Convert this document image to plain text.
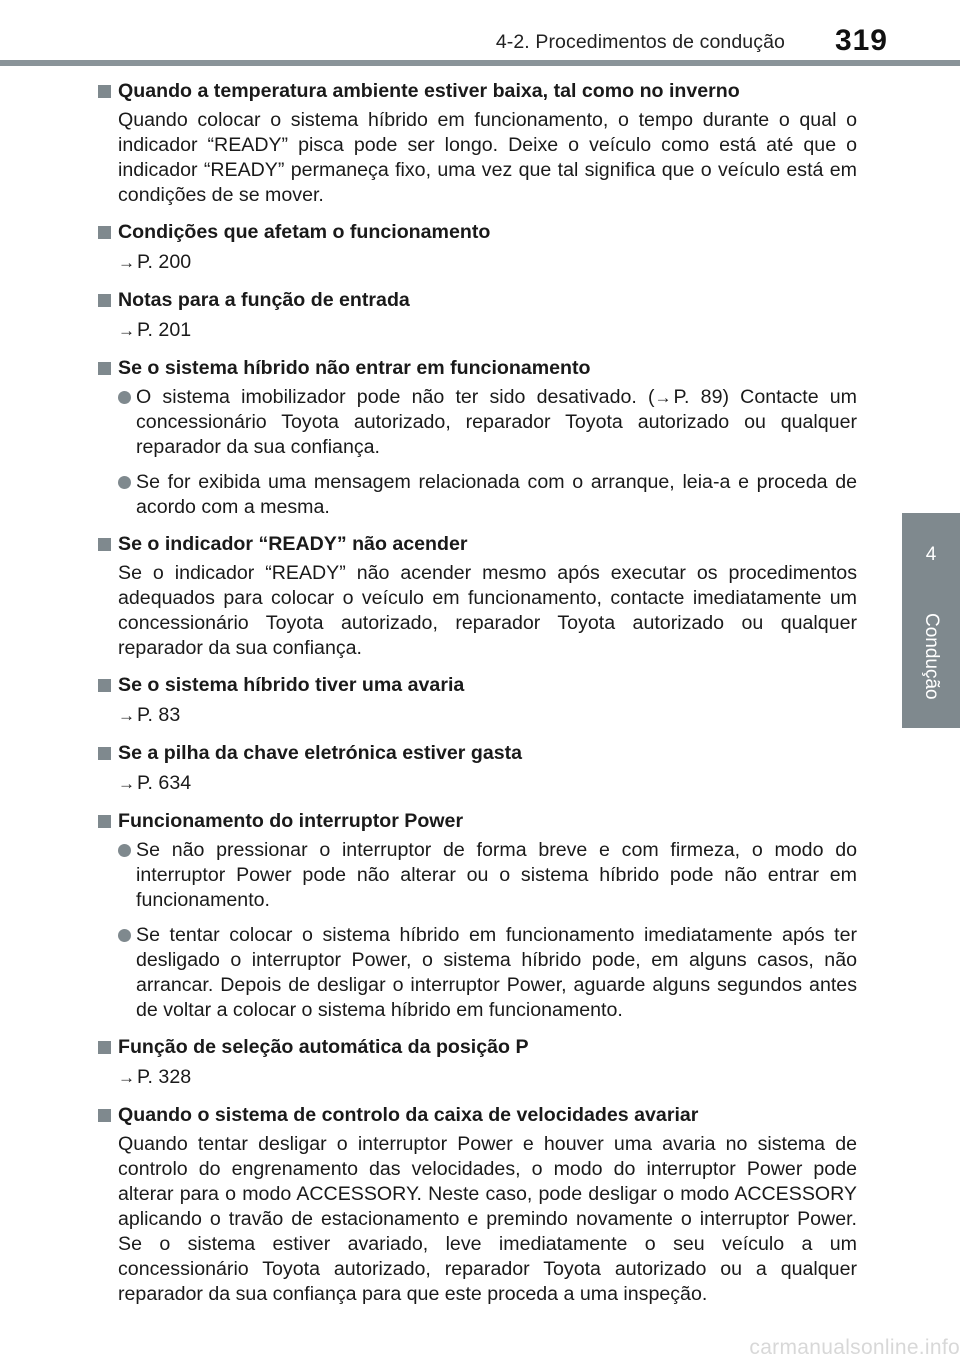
4-2. Procedimentos de condução 319
4
Condução
Quando a temperatura ambiente estiver baixa, tal como no inverno
Quando colocar o sistema híbrido em funcionamento, o tempo durante o qual o indicador “READY” pisca pode ser longo. Deixe o veículo como está até que o indicador “READY” permaneça fixo, uma vez que tal significa que o veículo está em condições de se mover.
Condições que afetam o funcionamento
→ P. 200
Notas para a função de entrada
→ P. 201
Se o sistema híbrido não entrar em funcionamento
O sistema imobilizador pode não ter sido desativado. (→ P. 89) Contacte um concessionário Toyota autorizado, reparador Toyota autorizado ou qualquer reparador da sua confiança.
Se for exibida uma mensagem relacionada com o arranque, leia-a e proceda de acordo com a mesma.
Se o indicador “READY” não acender
Se o indicador “READY” não acender mesmo após executar os procedimentos adequados para colocar o veículo em funcionamento, contacte imediatamente um concessionário Toyota autorizado, reparador Toyota autorizado ou qualquer reparador da sua confiança.
Se o sistema híbrido tiver uma avaria
→ P. 83
Se a pilha da chave eletrónica estiver gasta
→ P. 634
Funcionamento do interruptor Power
Se não pressionar o interruptor de forma breve e com firmeza, o modo do interruptor Power pode não alterar ou o sistema híbrido pode não entrar em funcionamento.
Se tentar colocar o sistema híbrido em funcionamento imediatamente após ter desligado o interruptor Power, o sistema híbrido pode, em alguns casos, não arrancar. Depois de desligar o interruptor Power, aguarde alguns segundos antes de voltar a colocar o sistema híbrido em funcionamento.
Função de seleção automática da posição P
→ P. 328
Quando o sistema de controlo da caixa de velocidades avariar
Quando tentar desligar o interruptor Power e houver uma avaria no sistema de controlo do engrenamento das velocidades, o modo do interruptor Power pode alterar para o modo ACCESSORY. Neste caso, pode desligar o modo ACCESSORY aplicando o travão de estacionamento e premindo novamente o interruptor Power. Se o sistema estiver avariado, leve imediatamente o seu veículo a um concessionário Toyota autorizado, reparador Toyota autorizado ou a qualquer reparador da sua confiança para que este proceda a uma inspeção.
carmanualsonline.info
